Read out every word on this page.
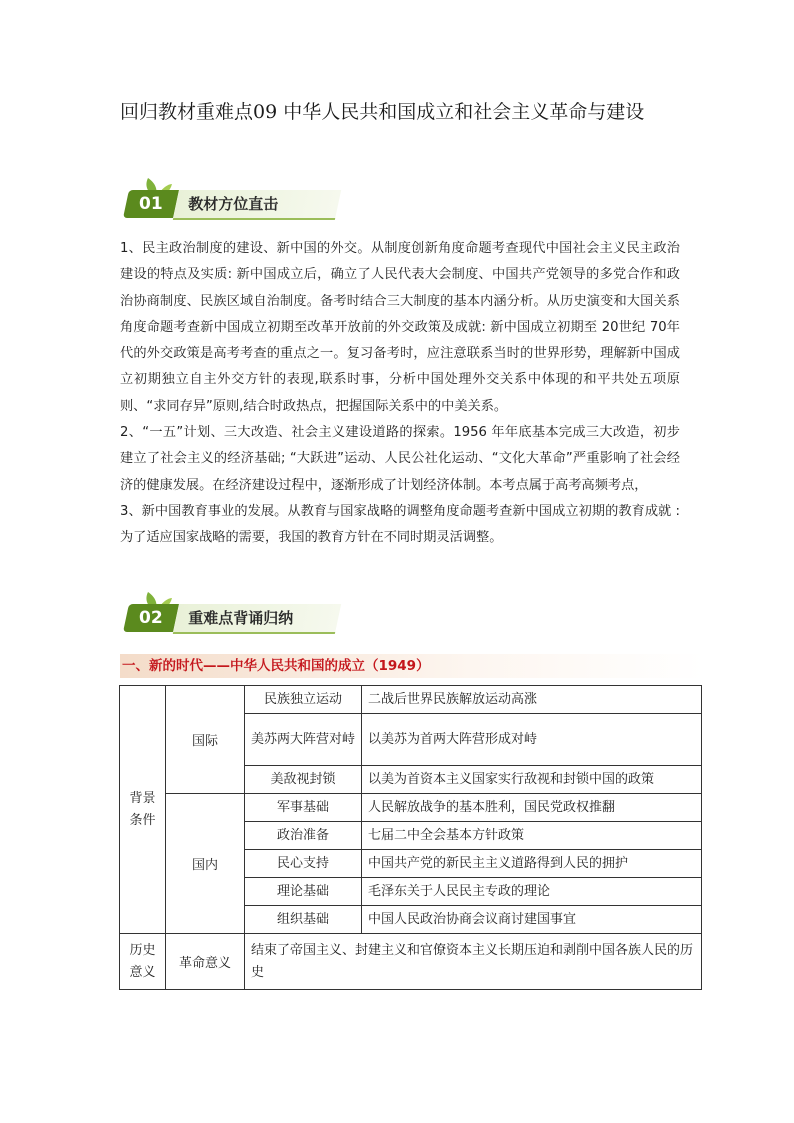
回归教材重难点09 中华人民共和国成立和社会主义革命与建设
01	教材方位直击

1、民主政治制度的建设、新中国的外交。从制度创新角度命题考查现代中国社会主义民主政治建设的特点及实质: 新中国成立后，确立了人民代表大会制度、中国共产党领导的多党合作和政治协商制度、民族区域自治制度。备考时结合三大制度的基本内涵分析。从历史演变和大国关系角度命题考查新中国成立初期至改革开放前的外交政策及成就: 新中国成立初期至 20世纪 70年代的外交政策是高考考查的重点之一。复习备考时，应注意联系当时的世界形势，理解新中国成立初期独立自主外交方针的表现,联系时事，分析中国处理外交关系中体现的和平共处五项原则、“求同存异”原则,结合时政热点，把握国际关系中的中美关系。

2、“一五”计划、三大改造、社会主义建设道路的探索。1956 年年底基本完成三大改造，初步建立了社会主义的经济基础; “大跃进”运动、人民公社化运动、“文化大革命”严重影响了社会经济的健康发展。在经济建设过程中，逐渐形成了计划经济体制。本考点属于高考高频考点，

3、新中国教育事业的发展。从教育与国家战略的调整角度命题考查新中国成立初期的教育成就 : 为了适应国家战略的需要，我国的教育方针在不同时期灵活调整。

02	重难点背诵归纳
一、新的时代——中华人民共和国的成立（1949）
背景条件	国际	民族独立运动	二战后世界民族解放运动高涨
		美苏两大阵营对峙	以美苏为首两大阵营形成对峙
		美敌视封锁	以美为首资本主义国家实行敌视和封锁中国的政策
	国内	军事基础	人民解放战争的基本胜利，国民党政权推翻
		政治准备	七届二中全会基本方针政策
		民心支持	中国共产党的新民主主义道路得到人民的拥护
		理论基础	毛泽东关于人民民主专政的理论
		组织基础	中国人民政治协商会议商讨建国事宜
历史意义	革命意义	结束了帝国主义、封建主义和官僚资本主义长期压迫和剥削中国各族人民的历史	
